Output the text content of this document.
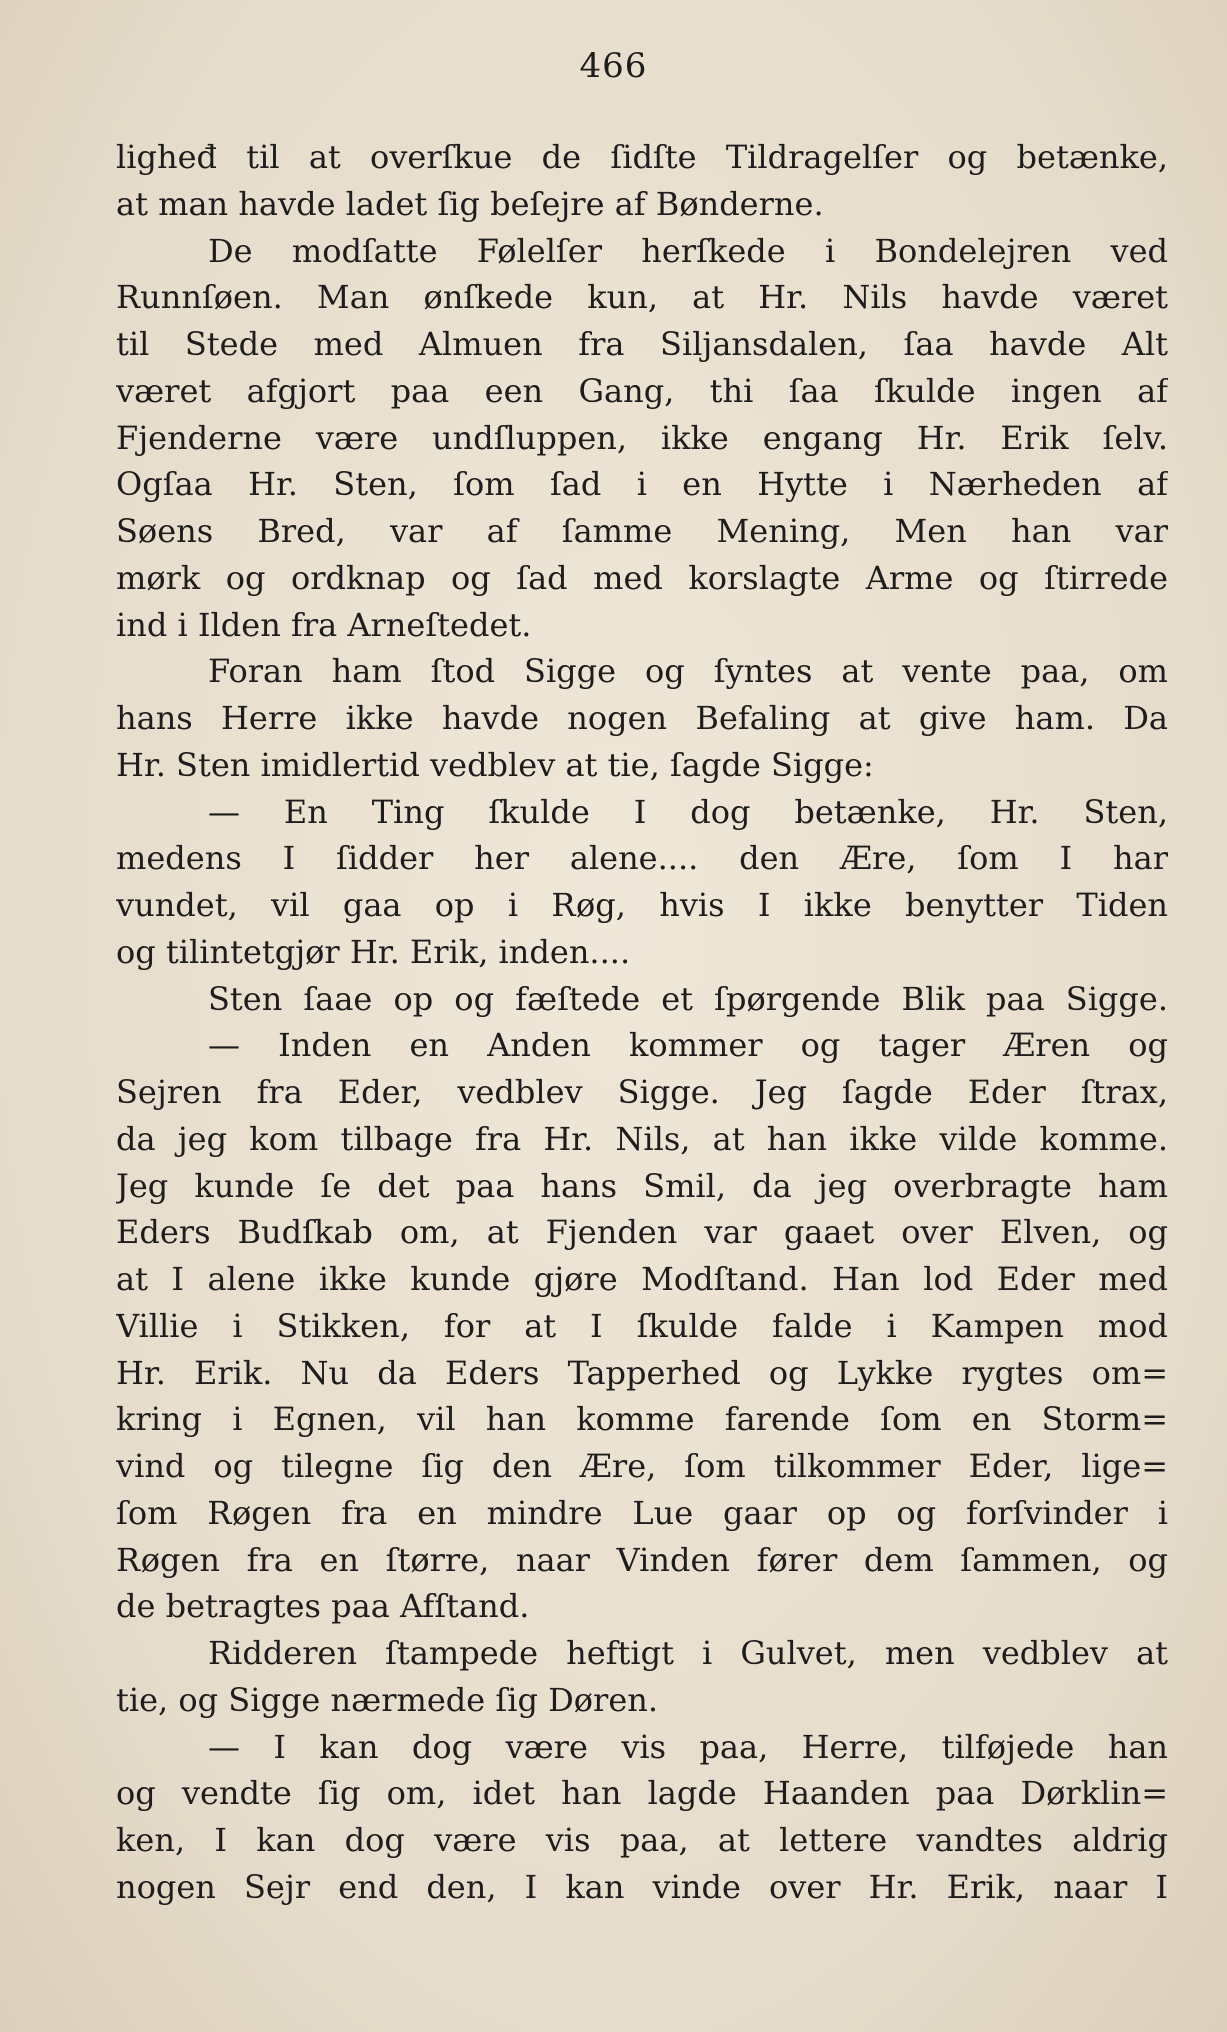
466
ligheđ til at overſkue de ſidſte Tildragelſer og betænke,
at man havde ladet ſig beſejre af Bønderne.
De modſatte Følelſer herſkede i Bondelejren ved
Runnſøen. Man ønſkede kun, at Hr. Nils havde været
til Stede med Almuen fra Siljansdalen, ſaa havde Alt
været afgjort paa een Gang, thi ſaa ſkulde ingen af
Fjenderne være undſluppen, ikke engang Hr. Erik ſelv.
Ogſaa Hr. Sten, ſom ſad i en Hytte i Nærheden af
Søens Bred, var af ſamme Mening, Men han var
mørk og ordknap og ſad med korslagte Arme og ſtirrede
ind i Ilden fra Arneſtedet.
Foran ham ſtod Sigge og ſyntes at vente paa, om
hans Herre ikke havde nogen Befaling at give ham. Da
Hr. Sten imidlertid vedblev at tie, ſagde Sigge:
— En Ting ſkulde I dog betænke, Hr. Sten,
medens I ſidder her alene.... den Ære, ſom I har
vundet, vil gaa op i Røg, hvis I ikke benytter Tiden
og tilintetgjør Hr. Erik, inden....
Sten ſaae op og fæſtede et ſpørgende Blik paa Sigge.
— Inden en Anden kommer og tager Æren og
Sejren fra Eder, vedblev Sigge. Jeg ſagde Eder ſtrax,
da jeg kom tilbage fra Hr. Nils, at han ikke vilde komme.
Jeg kunde ſe det paa hans Smil, da jeg overbragte ham
Eders Budſkab om, at Fjenden var gaaet over Elven, og
at I alene ikke kunde gjøre Modſtand. Han lod Eder med
Villie i Stikken, for at I ſkulde falde i Kampen mod
Hr. Erik. Nu da Eders Tapperhed og Lykke rygtes om=
kring i Egnen, vil han komme farende ſom en Storm=
vind og tilegne ſig den Ære, ſom tilkommer Eder, lige=
ſom Røgen fra en mindre Lue gaar op og forſvinder i
Røgen fra en ſtørre, naar Vinden fører dem ſammen, og
de betragtes paa Afſtand.
Ridderen ſtampede heftigt i Gulvet, men vedblev at
tie, og Sigge nærmede ſig Døren.
— I kan dog være vis paa, Herre, tilføjede han
og vendte ſig om, idet han lagde Haanden paa Dørklin=
ken, I kan dog være vis paa, at lettere vandtes aldrig
nogen Sejr end den, I kan vinde over Hr. Erik, naar I
